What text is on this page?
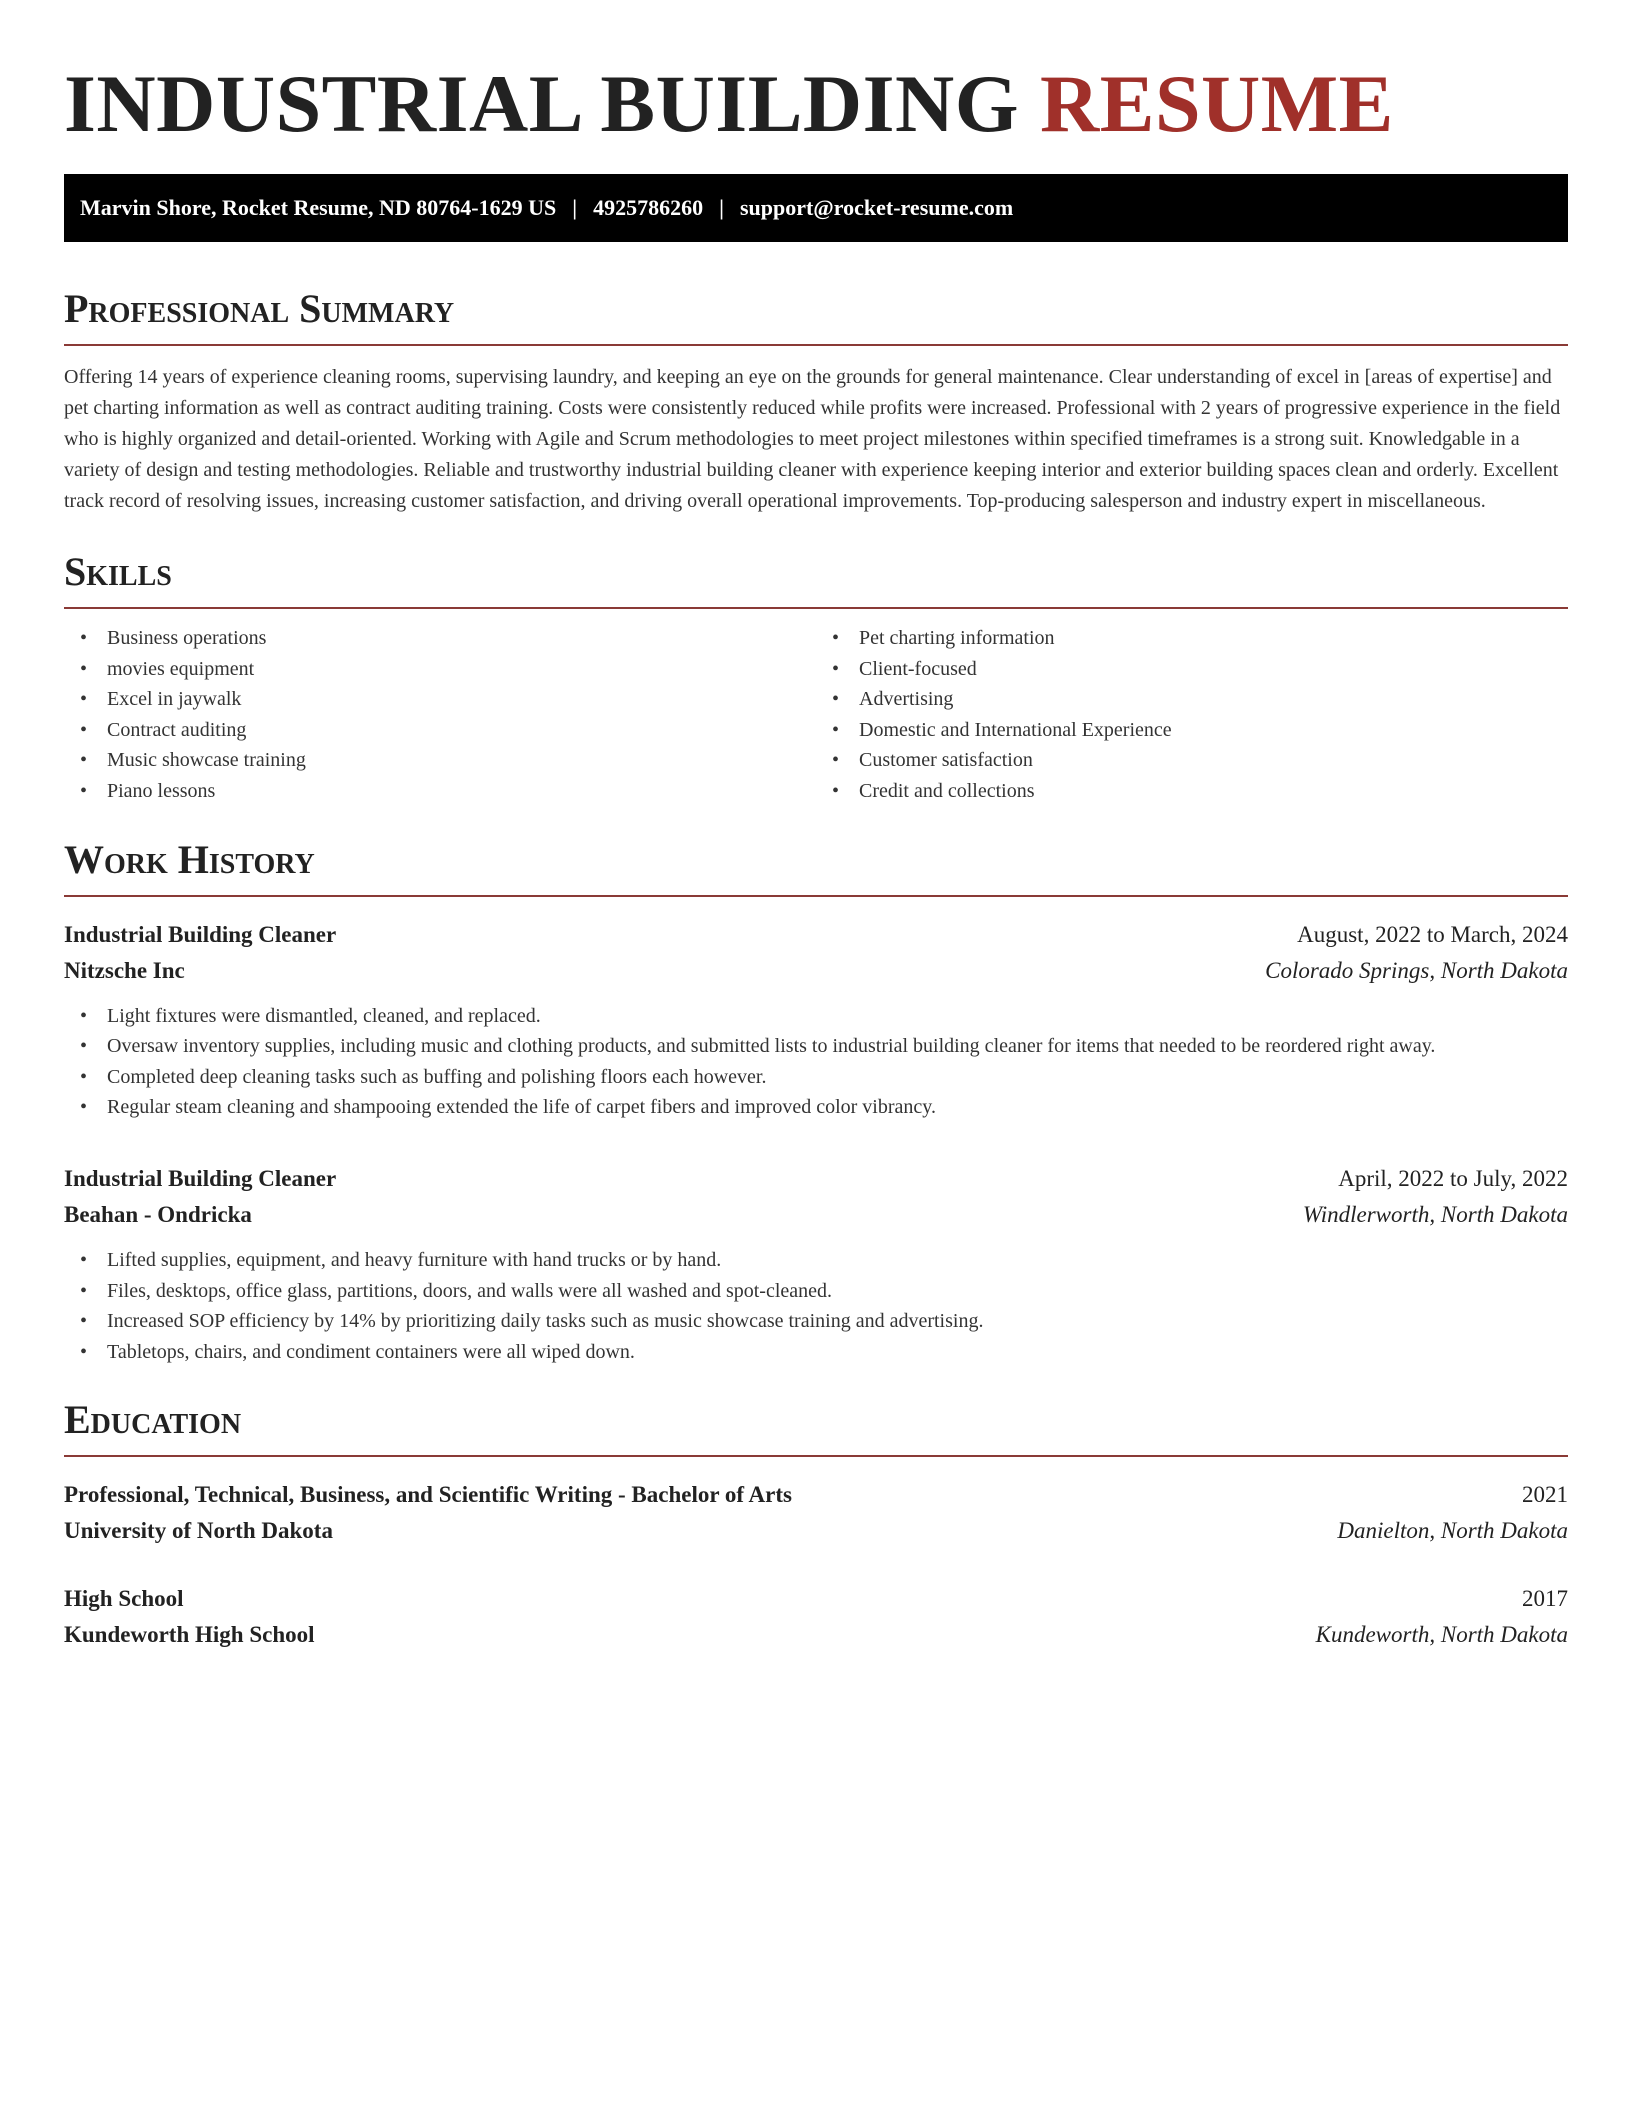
INDUSTRIAL BUILDING RESUME
Marvin Shore, Rocket Resume, ND 80764-1629 US | 4925786260 | support@rocket-resume.com
Professional Summary

Offering 14 years of experience cleaning rooms, supervising laundry, and keeping an eye on the grounds for general maintenance. Clear understanding of excel in [areas of expertise] and pet charting information as well as contract auditing training. Costs were consistently reduced while profits were increased. Professional with 2 years of progressive experience in the field who is highly organized and detail-oriented. Working with Agile and Scrum methodologies to meet project milestones within specified timeframes is a strong suit. Knowledgable in a variety of design and testing methodologies. Reliable and trustworthy industrial building cleaner with experience keeping interior and exterior building spaces clean and orderly. Excellent track record of resolving issues, increasing customer satisfaction, and driving overall operational improvements. Top-producing salesperson and industry expert in miscellaneous.

Skills
• Business operations
• movies equipment
• Excel in jaywalk
• Contract auditing
• Music showcase training
• Piano lessons
• Pet charting information
• Client-focused
• Advertising
• Domestic and International Experience
• Customer satisfaction
• Credit and collections
Work History
Industrial Building Cleaner	August, 2022 to March, 2024
Nitzsche Inc	Colorado Springs, North Dakota
• Light fixtures were dismantled, cleaned, and replaced.
• Oversaw inventory supplies, including music and clothing products, and submitted lists to industrial building cleaner for items that needed to be reordered right away.
• Completed deep cleaning tasks such as buffing and polishing floors each however.
• Regular steam cleaning and shampooing extended the life of carpet fibers and improved color vibrancy.
Industrial Building Cleaner	April, 2022 to July, 2022
Beahan - Ondricka	Windlerworth, North Dakota
• Lifted supplies, equipment, and heavy furniture with hand trucks or by hand.
• Files, desktops, office glass, partitions, doors, and walls were all washed and spot-cleaned.
• Increased SOP efficiency by 14% by prioritizing daily tasks such as music showcase training and advertising.
• Tabletops, chairs, and condiment containers were all wiped down.
Education
Professional, Technical, Business, and Scientific Writing - Bachelor of Arts	2021
University of North Dakota	Danielton, North Dakota
High School	2017
Kundeworth High School	Kundeworth, North Dakota
